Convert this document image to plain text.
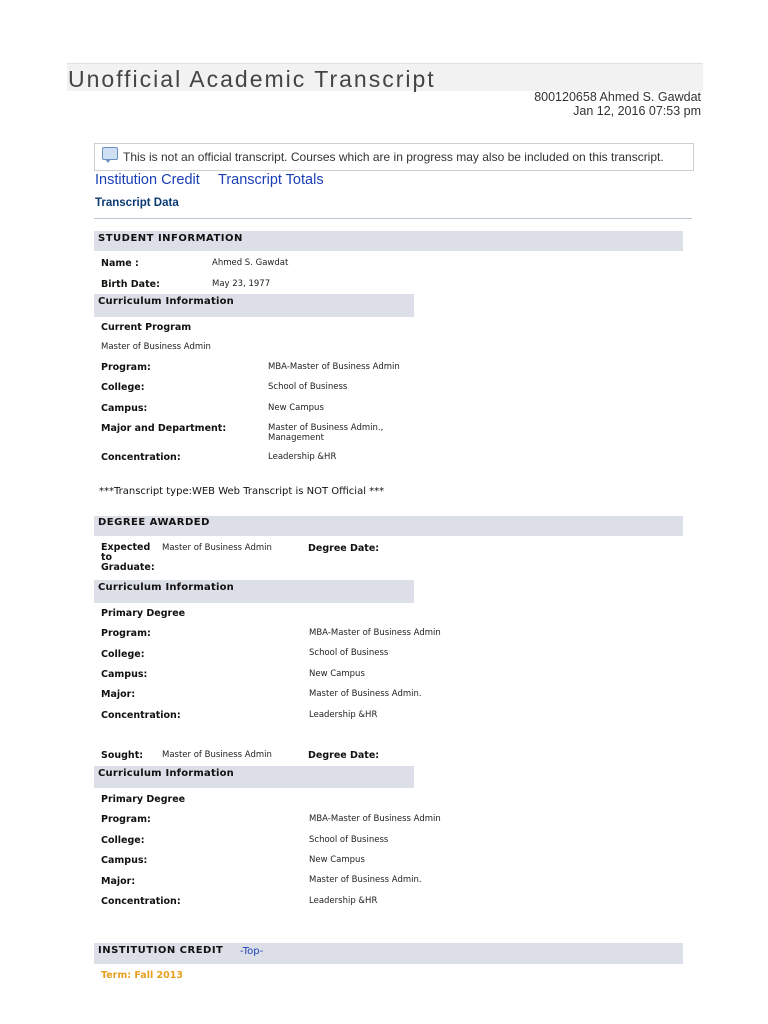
Unofficial Academic Transcript
800120658 Ahmed S. Gawdat
Jan 12, 2016 07:53 pm
This is not an official transcript. Courses which are in progress may also be included on this transcript.
Institution Credit Transcript Totals
Transcript Data
STUDENT INFORMATION
Name :	Ahmed S. Gawdat
Birth Date:	May 23, 1977
Curriculum Information
Current Program
Master of Business Admin
Program:	MBA-Master of Business Admin
College:	School of Business
Campus:	New Campus
Major and Department:	Master of Business Admin., Management
Concentration:	Leadership &HR
***Transcript type:WEB Web Transcript is NOT Official ***
DEGREE AWARDED
Expected to Graduate:
Master of Business Admin	Degree Date:
Curriculum Information
Primary Degree
Program:	MBA-Master of Business Admin
College:	School of Business
Campus:	New Campus
Major:	Master of Business Admin.
Concentration:	Leadership &HR
Sought: Master of Business Admin	Degree Date:
Curriculum Information
Primary Degree
Program:	MBA-Master of Business Admin
College:	School of Business
Campus:	New Campus
Major:	Master of Business Admin.
Concentration:	Leadership &HR
INSTITUTION CREDIT -Top-
Term: Fall 2013
